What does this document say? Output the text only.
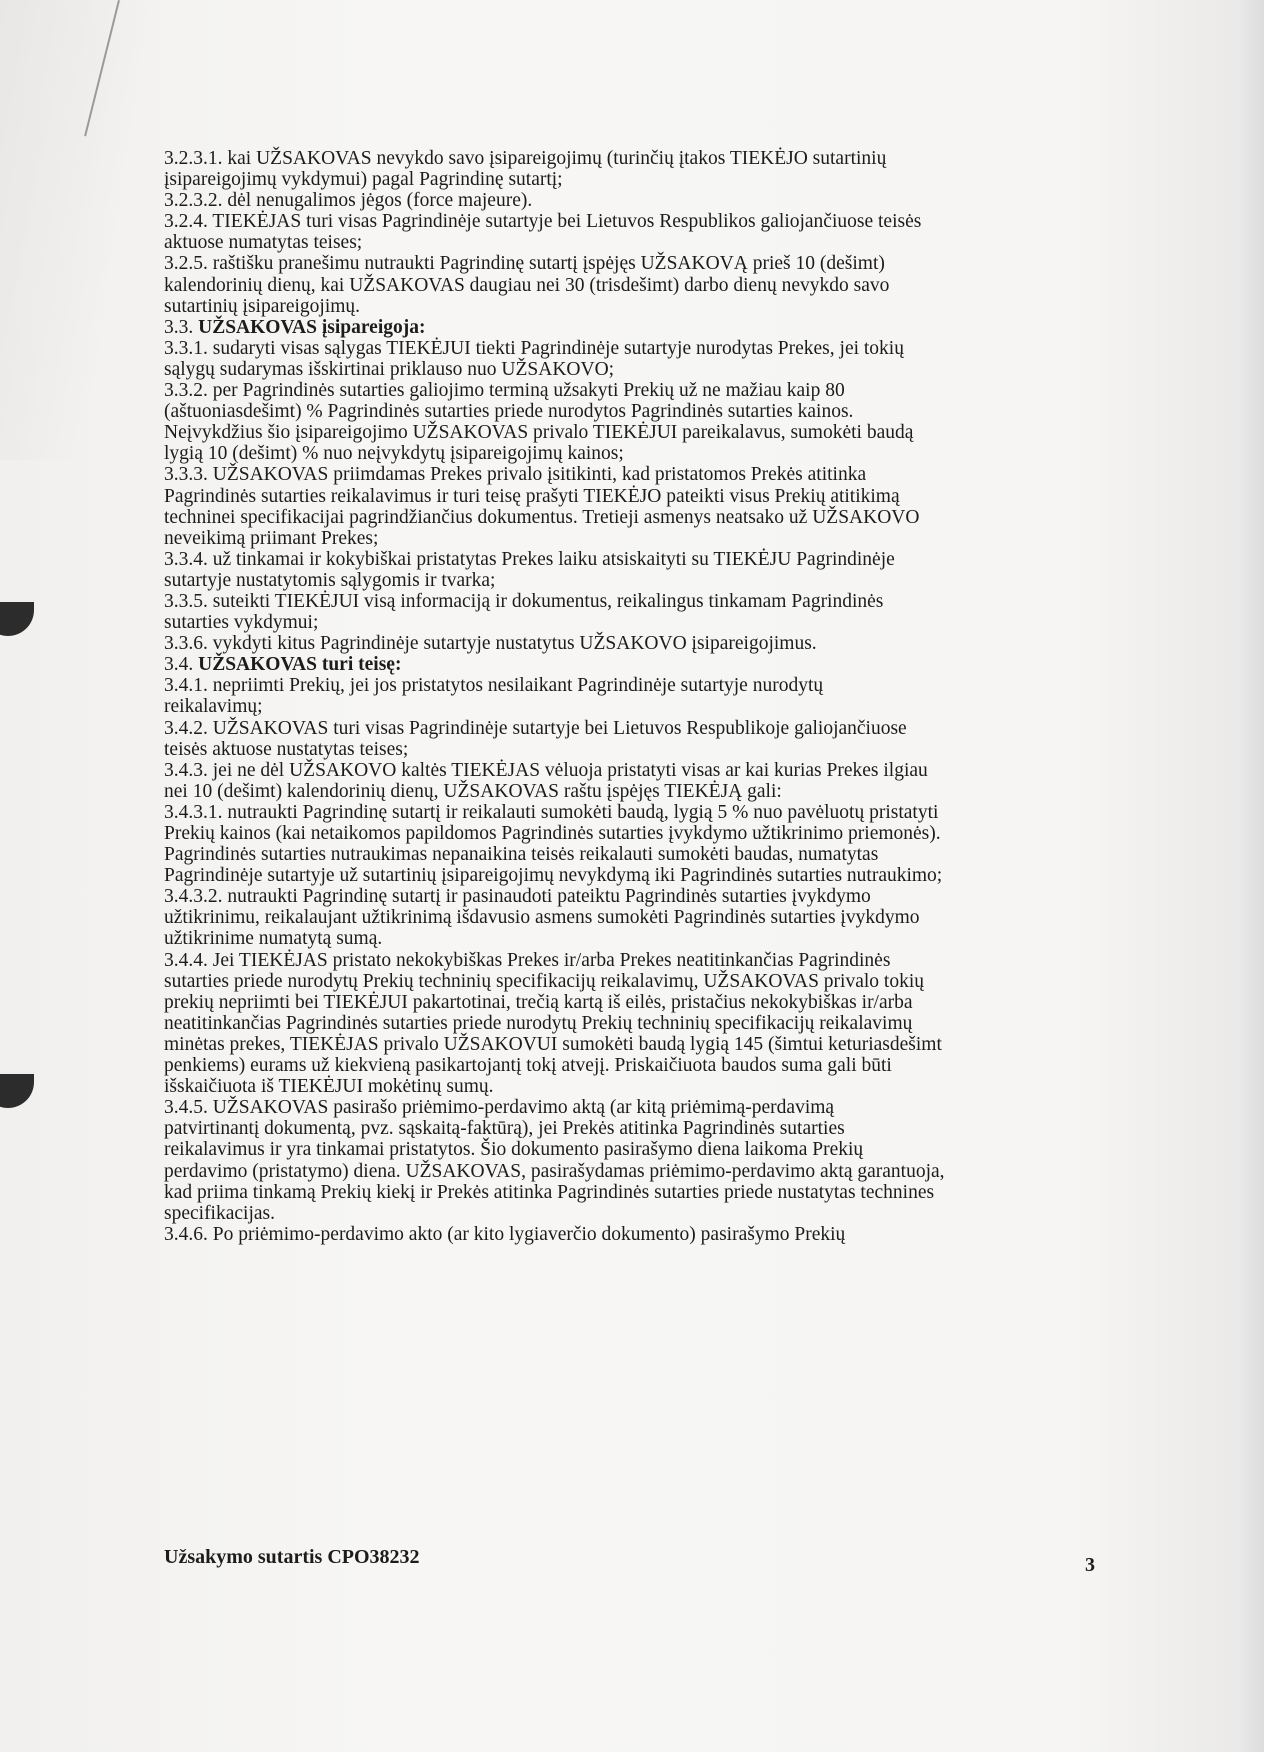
3.2.3.1. kai UŽSAKOVAS nevykdo savo įsipareigojimų (turinčių įtakos TIEKĖJO sutartinių
įsipareigojimų vykdymui) pagal Pagrindinę sutartį;
3.2.3.2. dėl nenugalimos jėgos (force majeure).
3.2.4. TIEKĖJAS turi visas Pagrindinėje sutartyje bei Lietuvos Respublikos galiojančiuose teisės
aktuose numatytas teises;
3.2.5. raštišku pranešimu nutraukti Pagrindinę sutartį įspėjęs UŽSAKOVĄ prieš 10 (dešimt)
kalendorinių dienų, kai UŽSAKOVAS daugiau nei 30 (trisdešimt) darbo dienų nevykdo savo
sutartinių įsipareigojimų.
3.3. UŽSAKOVAS įsipareigoja:
3.3.1. sudaryti visas sąlygas TIEKĖJUI tiekti Pagrindinėje sutartyje nurodytas Prekes, jei tokių
sąlygų sudarymas išskirtinai priklauso nuo UŽSAKOVO;
3.3.2. per Pagrindinės sutarties galiojimo terminą užsakyti Prekių už ne mažiau kaip 80
(aštuoniasdešimt) % Pagrindinės sutarties priede nurodytos Pagrindinės sutarties kainos.
Neįvykdžius šio įsipareigojimo UŽSAKOVAS privalo TIEKĖJUI pareikalavus, sumokėti baudą
lygią 10 (dešimt) % nuo neįvykdytų įsipareigojimų kainos;
3.3.3. UŽSAKOVAS priimdamas Prekes privalo įsitikinti, kad pristatomos Prekės atitinka
Pagrindinės sutarties reikalavimus ir turi teisę prašyti TIEKĖJO pateikti visus Prekių atitikimą
techninei specifikacijai pagrindžiančius dokumentus. Tretieji asmenys neatsako už UŽSAKOVO
neveikimą priimant Prekes;
3.3.4. už tinkamai ir kokybiškai pristatytas Prekes laiku atsiskaityti su TIEKĖJU Pagrindinėje
sutartyje nustatytomis sąlygomis ir tvarka;
3.3.5. suteikti TIEKĖJUI visą informaciją ir dokumentus, reikalingus tinkamam Pagrindinės
sutarties vykdymui;
3.3.6. vykdyti kitus Pagrindinėje sutartyje nustatytus UŽSAKOVO įsipareigojimus.
3.4. UŽSAKOVAS turi teisę:
3.4.1. nepriimti Prekių, jei jos pristatytos nesilaikant Pagrindinėje sutartyje nurodytų
reikalavimų;
3.4.2. UŽSAKOVAS turi visas Pagrindinėje sutartyje bei Lietuvos Respublikoje galiojančiuose
teisės aktuose nustatytas teises;
3.4.3. jei ne dėl UŽSAKOVO kaltės TIEKĖJAS vėluoja pristatyti visas ar kai kurias Prekes ilgiau
nei 10 (dešimt) kalendorinių dienų, UŽSAKOVAS raštu įspėjęs TIEKĖJĄ gali:
3.4.3.1. nutraukti Pagrindinę sutartį ir reikalauti sumokėti baudą, lygią 5 % nuo pavėluotų pristatyti
Prekių kainos (kai netaikomos papildomos Pagrindinės sutarties įvykdymo užtikrinimo priemonės).
Pagrindinės sutarties nutraukimas nepanaikina teisės reikalauti sumokėti baudas, numatytas
Pagrindinėje sutartyje už sutartinių įsipareigojimų nevykdymą iki Pagrindinės sutarties nutraukimo;
3.4.3.2. nutraukti Pagrindinę sutartį ir pasinaudoti pateiktu Pagrindinės sutarties įvykdymo
užtikrinimu, reikalaujant užtikrinimą išdavusio asmens sumokėti Pagrindinės sutarties įvykdymo
užtikrinime numatytą sumą.
3.4.4. Jei TIEKĖJAS pristato nekokybiškas Prekes ir/arba Prekes neatitinkančias Pagrindinės
sutarties priede nurodytų Prekių techninių specifikacijų reikalavimų, UŽSAKOVAS privalo tokių
prekių nepriimti bei TIEKĖJUI pakartotinai, trečią kartą iš eilės, pristačius nekokybiškas ir/arba
neatitinkančias Pagrindinės sutarties priede nurodytų Prekių techninių specifikacijų reikalavimų
minėtas prekes, TIEKĖJAS privalo UŽSAKOVUI sumokėti baudą lygią 145 (šimtui keturiasdešimt
penkiems) eurams už kiekvieną pasikartojantį tokį atvejį. Priskaičiuota baudos suma gali būti
išskaičiuota iš TIEKĖJUI mokėtinų sumų.
3.4.5. UŽSAKOVAS pasirašo priėmimo-perdavimo aktą (ar kitą priėmimą-perdavimą
patvirtinantį dokumentą, pvz. sąskaitą-faktūrą), jei Prekės atitinka Pagrindinės sutarties
reikalavimus ir yra tinkamai pristatytos. Šio dokumento pasirašymo diena laikoma Prekių
perdavimo (pristatymo) diena. UŽSAKOVAS, pasirašydamas priėmimo-perdavimo aktą garantuoja,
kad priima tinkamą Prekių kiekį ir Prekės atitinka Pagrindinės sutarties priede nustatytas technines
specifikacijas.
3.4.6. Po priėmimo-perdavimo akto (ar kito lygiaverčio dokumento) pasirašymo Prekių
Užsakymo sutartis CPO38232	3
